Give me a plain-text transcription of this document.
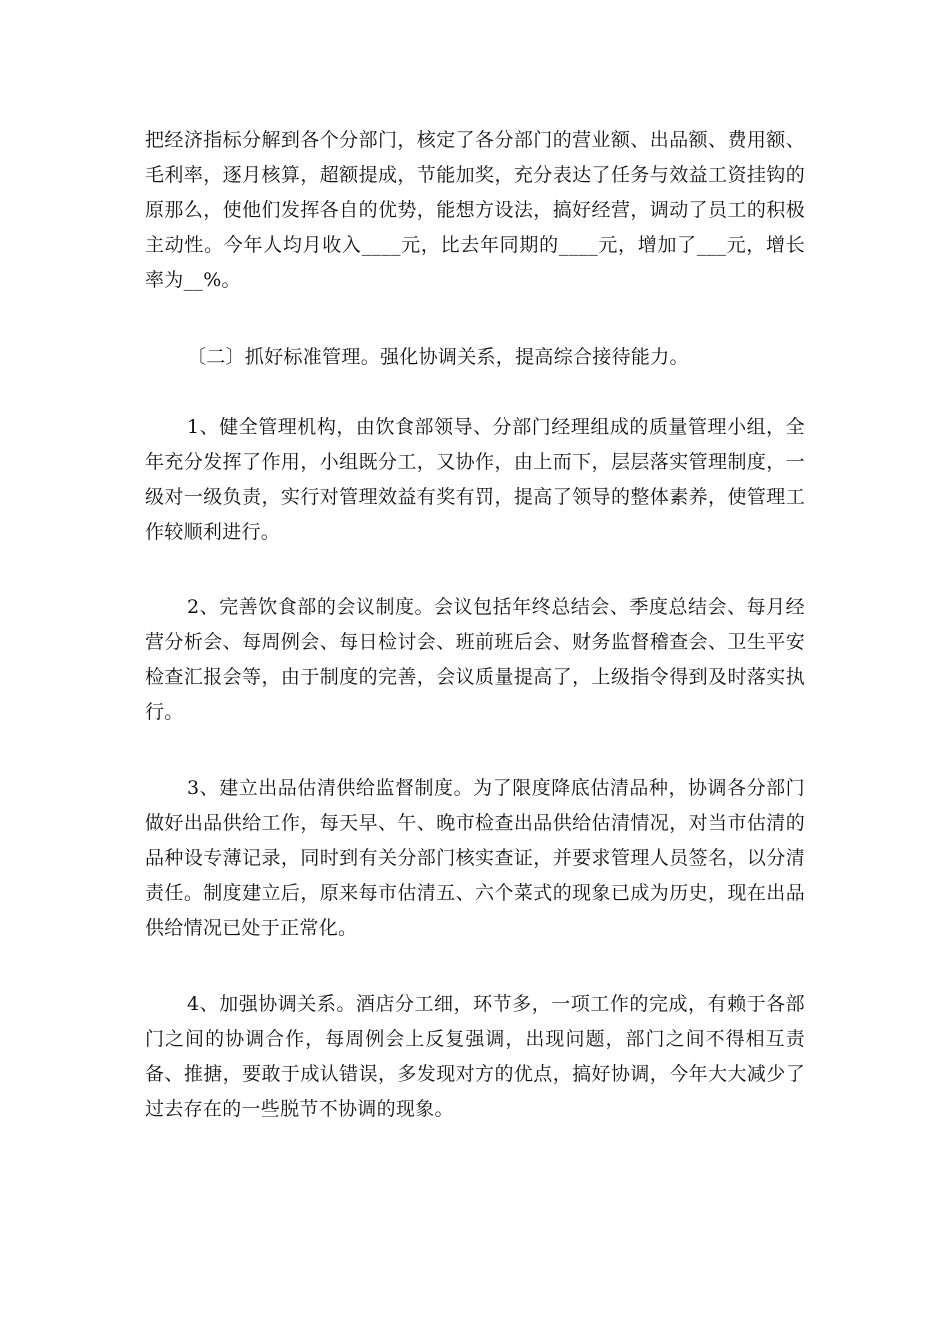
把经济指标分解到各个分部门，核定了各分部门的营业额、出品额、费用额、毛利率，逐月核算，超额提成，节能加奖，充分表达了任务与效益工资挂钩的原那么，使他们发挥各自的优势，能想方设法，搞好经营，调动了员工的积极主动性。今年人均月收入____元，比去年同期的____元，增加了___元，增长率为__%。

〔二〕抓好标准管理。强化协调关系，提高综合接待能力。

1、健全管理机构，由饮食部领导、分部门经理组成的质量管理小组，全年充分发挥了作用，小组既分工，又协作，由上而下，层层落实管理制度，一级对一级负责，实行对管理效益有奖有罚，提高了领导的整体素养，使管理工作较顺利进行。

2、完善饮食部的会议制度。会议包括年终总结会、季度总结会、每月经营分析会、每周例会、每日检讨会、班前班后会、财务监督稽查会、卫生平安检查汇报会等，由于制度的完善，会议质量提高了，上级指令得到及时落实执行。

3、建立出品估清供给监督制度。为了限度降底估清品种，协调各分部门做好出品供给工作，每天早、午、晚市检查出品供给估清情况，对当市估清的品种设专薄记录，同时到有关分部门核实查证，并要求管理人员签名，以分清责任。制度建立后，原来每市估清五、六个菜式的现象已成为历史，现在出品供给情况已处于正常化。

4、加强协调关系。酒店分工细，环节多，一项工作的完成，有赖于各部门之间的协调合作，每周例会上反复强调，出现问题，部门之间不得相互责备、推搪，要敢于成认错误，多发现对方的优点，搞好协调，今年大大减少了过去存在的一些脱节不协调的现象。
